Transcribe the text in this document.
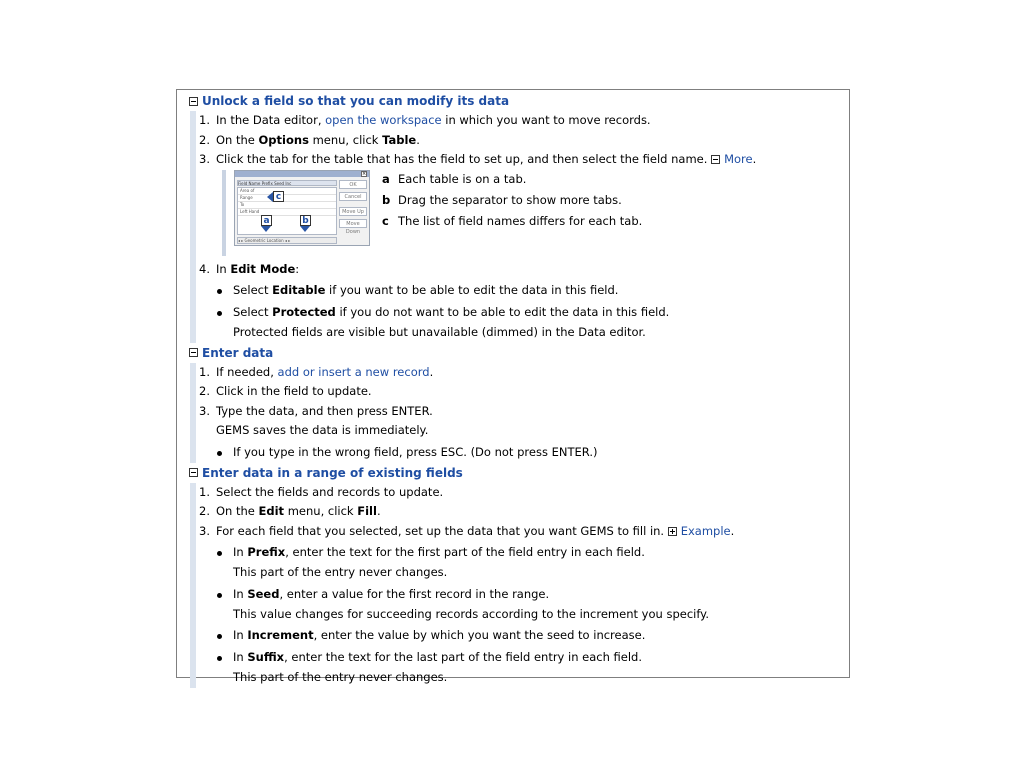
Unlock a field so that you can modify its data
1. In the Data editor, open the workspace in which you want to move records.
2. On the Options menu, click Table.
3. Click the tab for the table that has the field to set up, and then select the field name. More.
×
Field Name Prefix Seed Inc
Area of
Range
To
Left Hand
OK
Cancel
Move Up
Move Down
◂ ▸ Geometric Location ◂ ▸
c
a	b
a Each table is on a tab.
b Drag the separator to show more tabs.
c The list of field names differs for each tab.
4. In Edit Mode:
Select Editable if you want to be able to edit the data in this field.
Select Protected if you do not want to be able to edit the data in this field.
Protected fields are visible but unavailable (dimmed) in the Data editor.
Enter data
1. If needed, add or insert a new record.
2. Click in the field to update.
3. Type the data, and then press ENTER.
GEMS saves the data is immediately.
If you type in the wrong field, press ESC. (Do not press ENTER.)
Enter data in a range of existing fields
1. Select the fields and records to update.
2. On the Edit menu, click Fill.
3. For each field that you selected, set up the data that you want GEMS to fill in. Example.
In Prefix, enter the text for the first part of the field entry in each field.
This part of the entry never changes.
In Seed, enter a value for the first record in the range.
This value changes for succeeding records according to the increment you specify.
In Increment, enter the value by which you want the seed to increase.
In Suffix, enter the text for the last part of the field entry in each field.
This part of the entry never changes.
